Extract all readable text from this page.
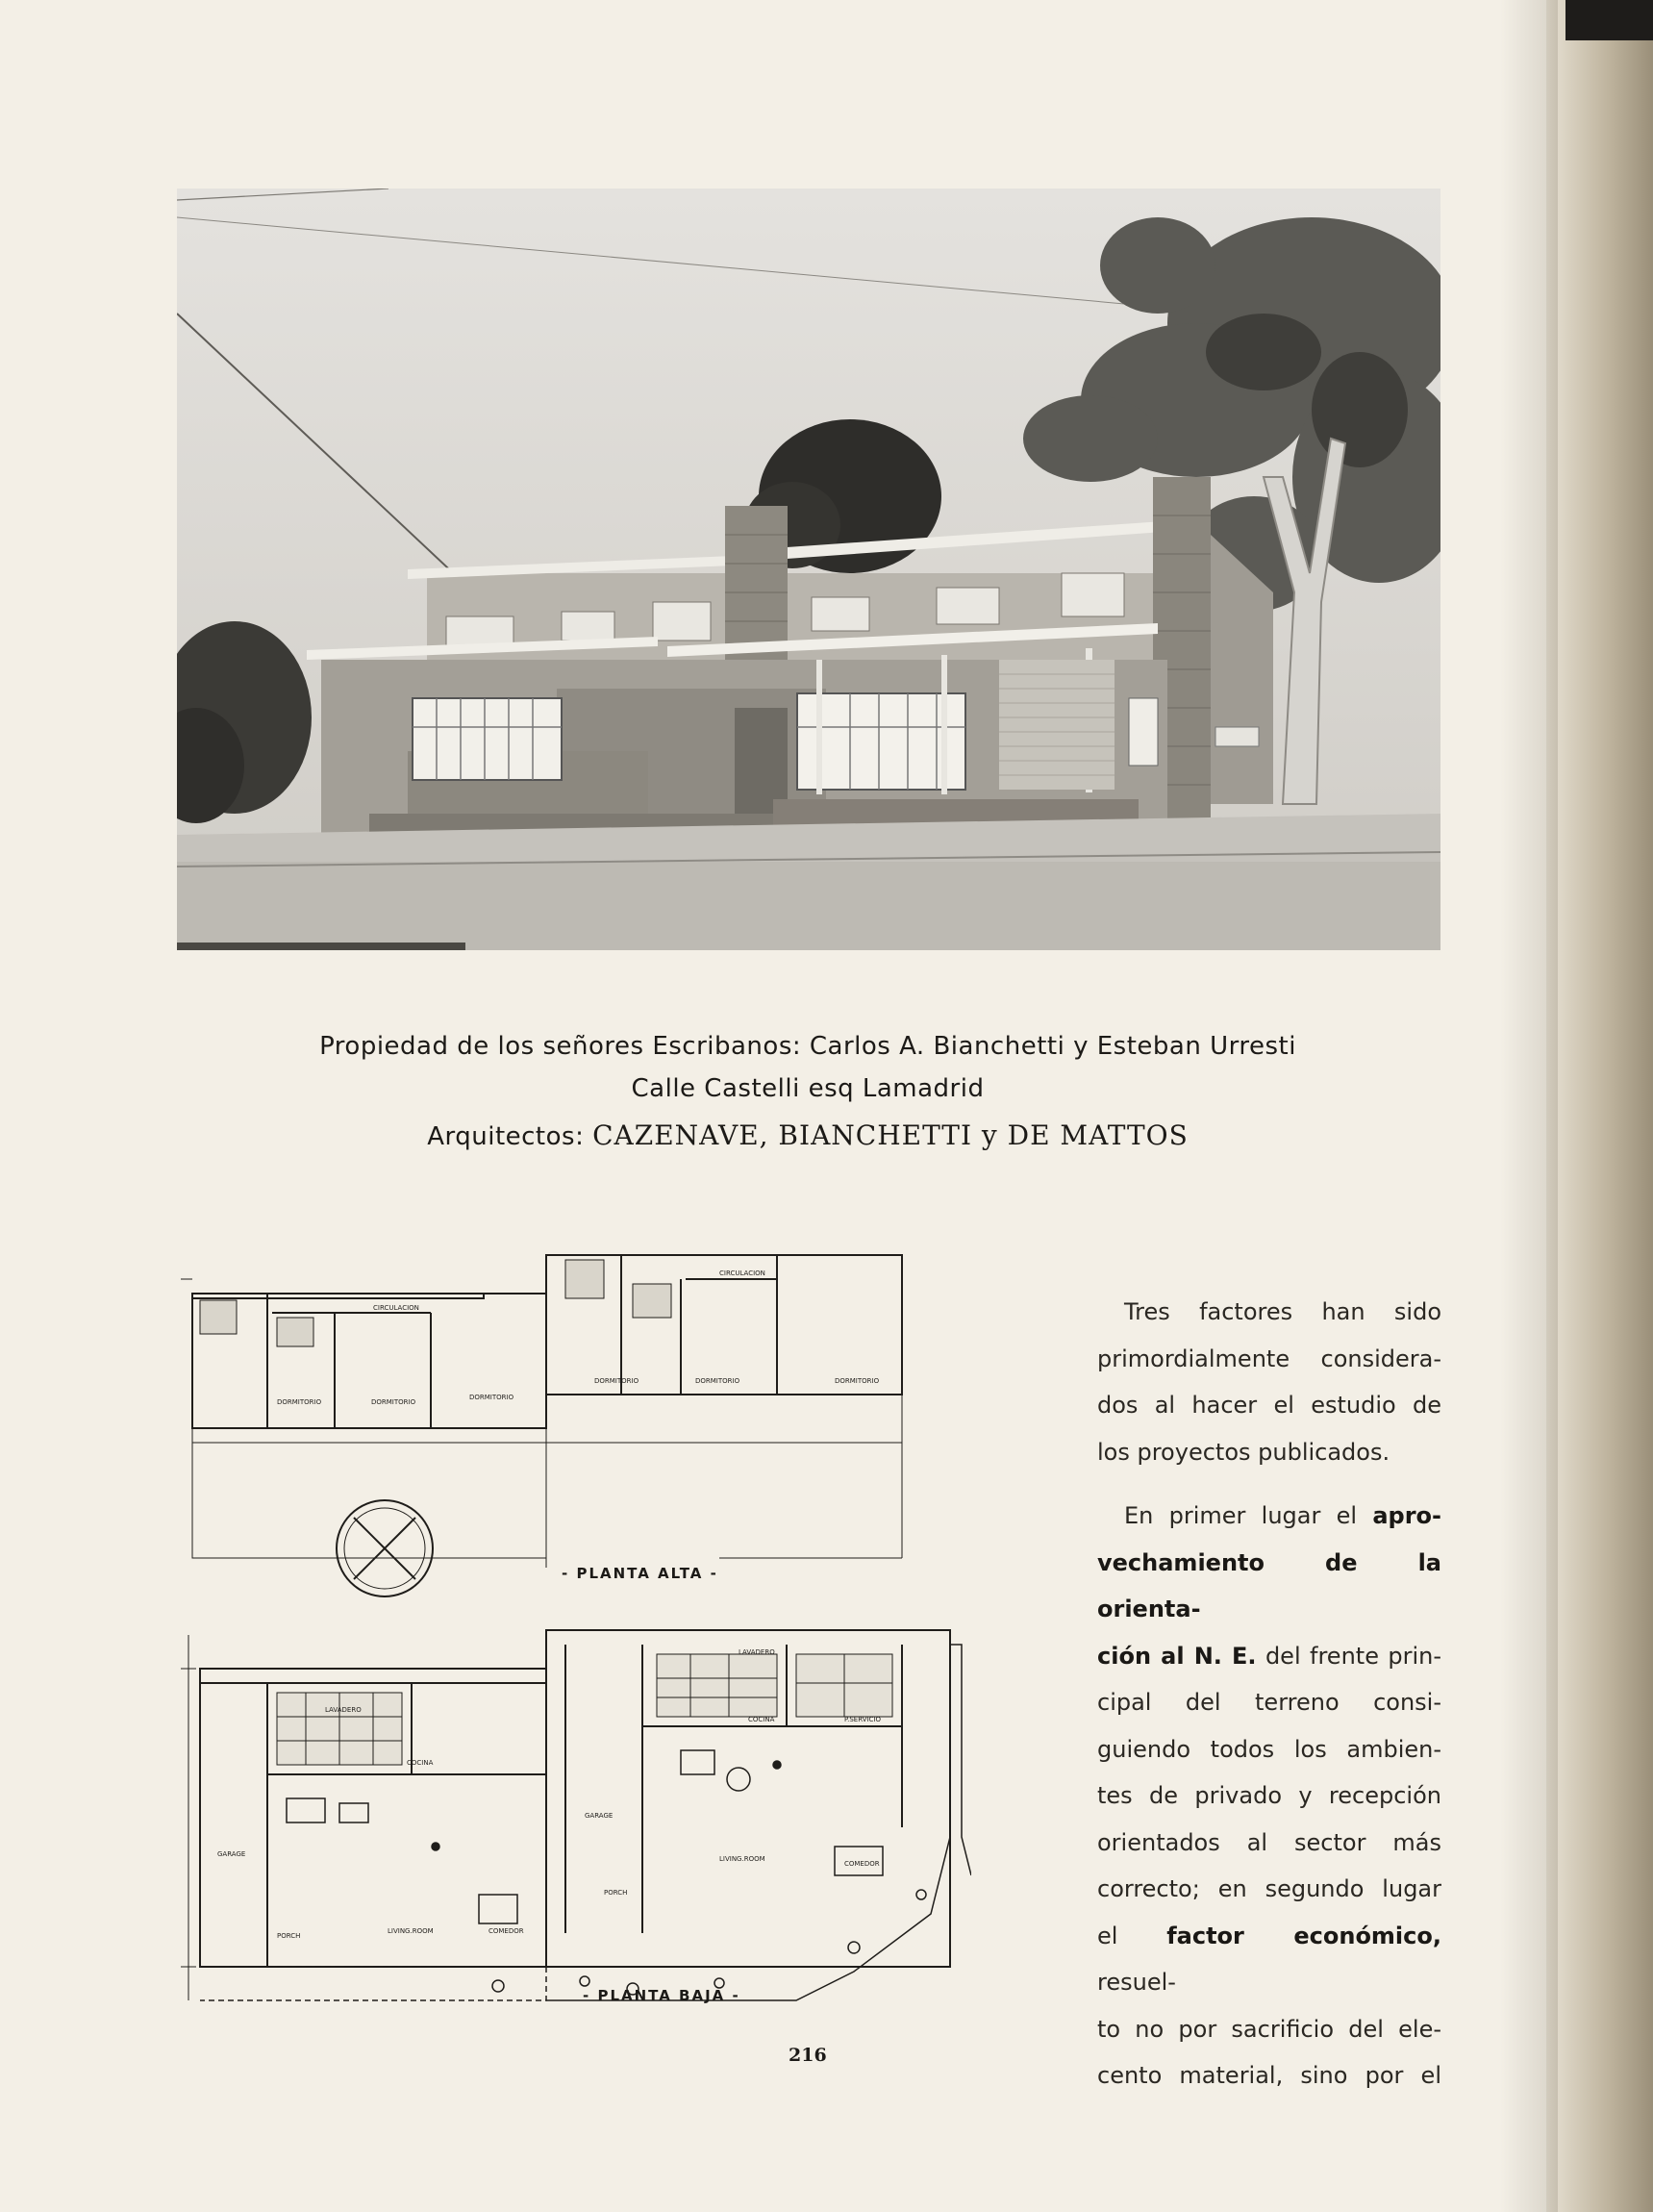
Propiedad de los señores Escribanos: Carlos A. Bianchetti y Esteban Urresti
Calle Castelli esq Lamadrid
Arquitectos: CAZENAVE, BIANCHETTI y DE MATTOS
CIRCULACION
CIRCULACION
DORMITORIO	DORMITORIO
DORMITORIO
DORMITORIO	DORMITORIO	DORMITORIO
GARAGE
GARAGE
LAVADERO
LAVADERO
COCINA
COCINA	P.SERVICIO
LIVING.ROOM
LIVING.ROOM
COMEDOR
COMEDOR
PORCH
PORCH
- PLANTA ALTA -
- PLANTA BAJA -
Tres factores han sido
primordialmente considera-
dos al hacer el estudio de
los proyectos publicados.
En primer lugar el apro-
vechamiento de la orienta-
ción al N. E. del frente prin-
cipal del terreno consi-
guiendo todos los ambien-
tes de privado y recepción
orientados al sector más
correcto; en segundo lugar
el factor económico, resuel-
to no por sacrificio del ele-
cento material, sino por el
216
